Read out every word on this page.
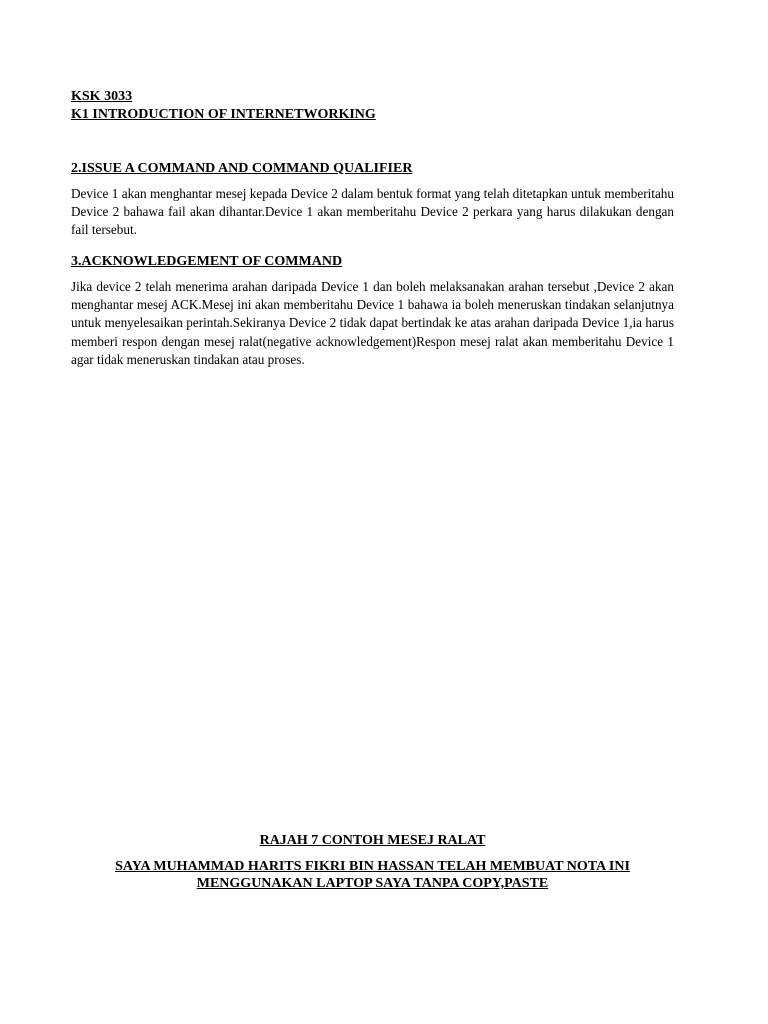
KSK 3033
K1 INTRODUCTION OF INTERNETWORKING
2.ISSUE A COMMAND AND COMMAND QUALIFIER

Device 1 akan menghantar mesej kepada Device 2 dalam bentuk format yang telah ditetapkan untuk memberitahu Device 2 bahawa fail akan dihantar.Device 1 akan memberitahu Device 2 perkara yang harus dilakukan dengan fail tersebut.

3.ACKNOWLEDGEMENT OF COMMAND

Jika device 2 telah menerima arahan daripada Device 1 dan boleh melaksanakan arahan tersebut ,Device 2 akan menghantar mesej ACK.Mesej ini akan memberitahu Device 1 bahawa ia boleh meneruskan tindakan selanjutnya untuk menyelesaikan perintah.Sekiranya Device 2 tidak dapat bertindak ke atas arahan daripada Device 1,ia harus memberi respon dengan mesej ralat(negative acknowledgement)Respon mesej ralat akan memberitahu Device 1 agar tidak meneruskan tindakan atau proses.

RAJAH 7 CONTOH MESEJ RALAT
SAYA MUHAMMAD HARITS FIKRI BIN HASSAN TELAH MEMBUAT NOTA INI MENGGUNAKAN LAPTOP SAYA TANPA COPY,PASTE
